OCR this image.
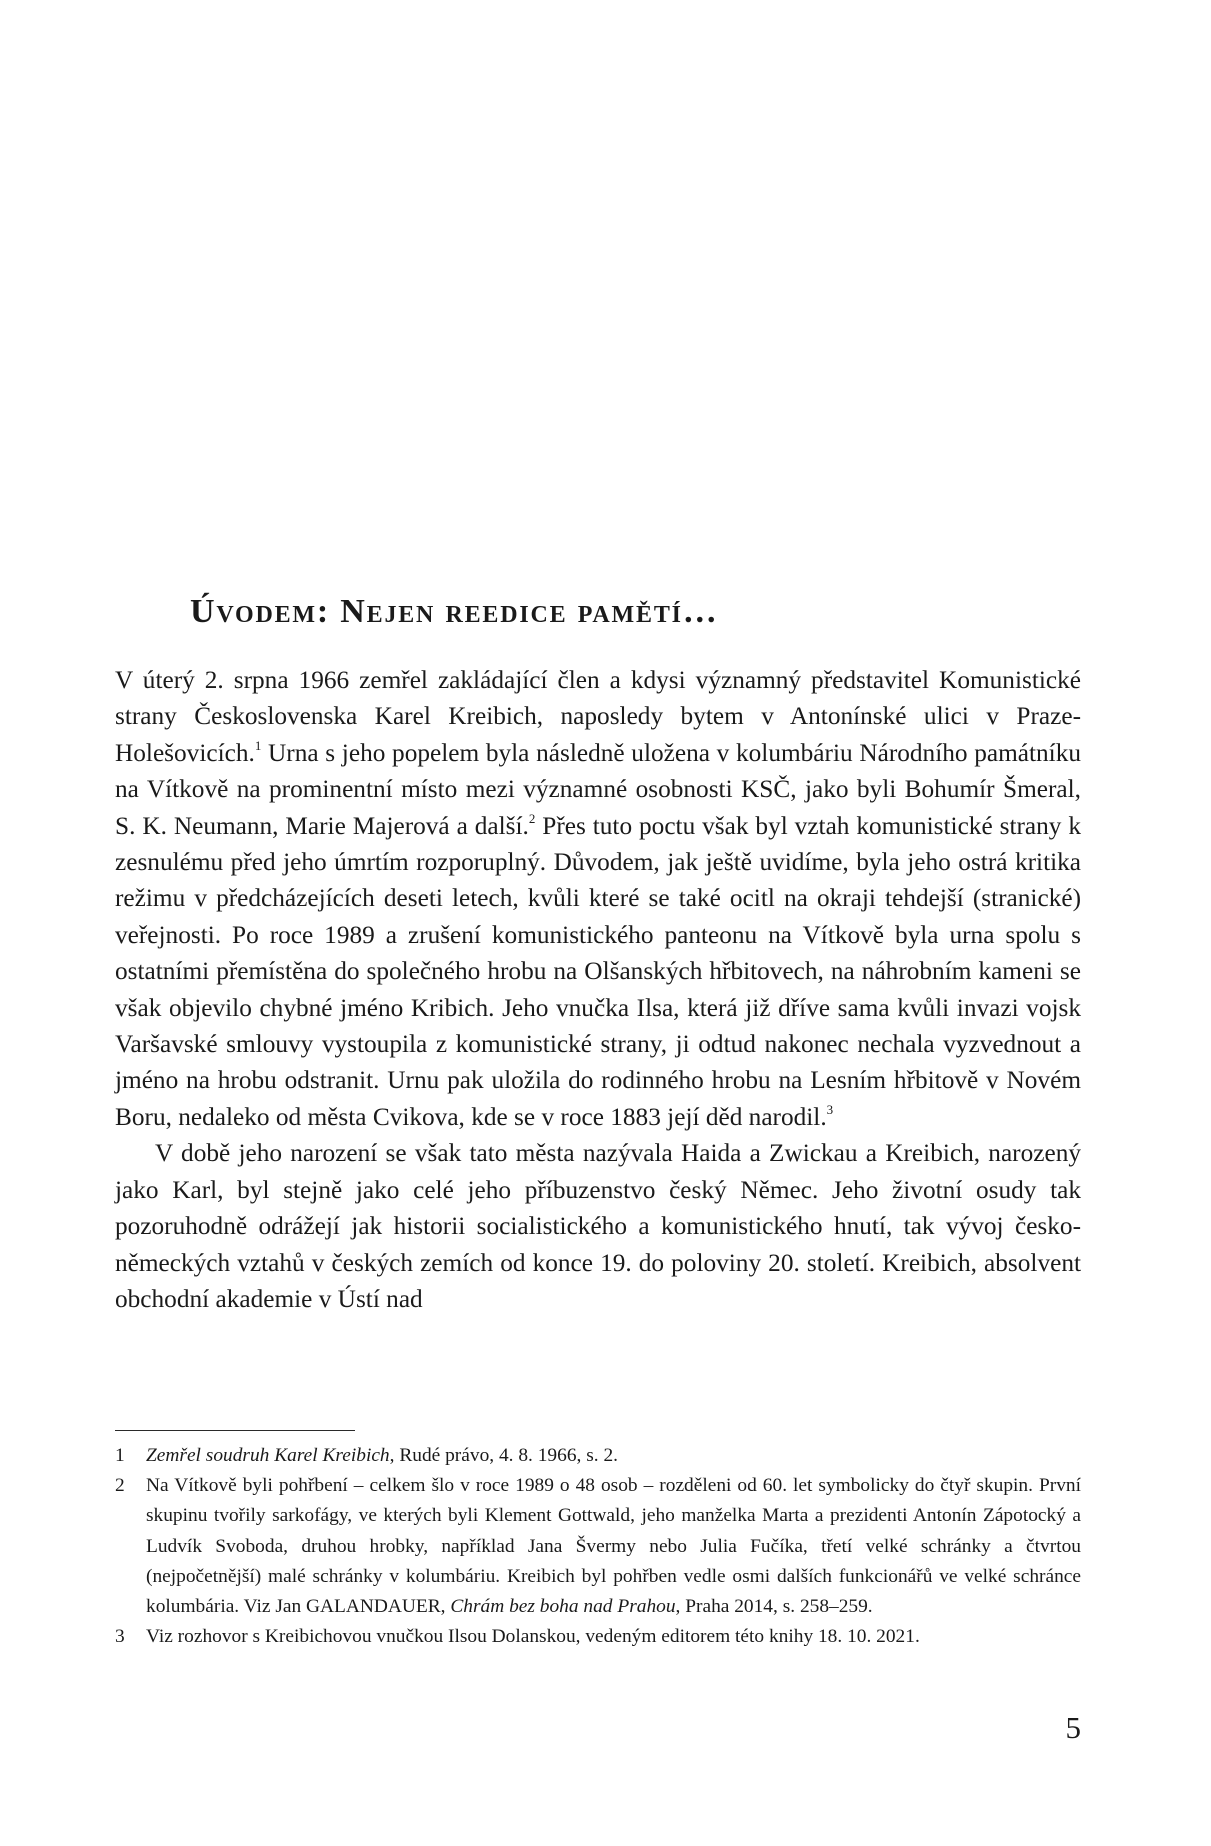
Úvodem: Nejen reedice pamětí…

V úterý 2. srpna 1966 zemřel zakládající člen a kdysi významný představitel Komunistické strany Československa Karel Kreibich, naposledy bytem v Antonínské ulici v Praze-Holešovicích.$^1$ Urna s jeho popelem byla následně uložena v kolumbáriu Národního památníku na Vítkově na prominentní místo mezi významné osobnosti KSČ, jako byli Bohumír Šmeral, S. K. Neumann, Marie Majerová a další.$^2$ Přes tuto poctu však byl vztah komunistické strany k zesnulému před jeho úmrtím rozporuplný. Důvodem, jak ještě uvidíme, byla jeho ostrá kritika režimu v předcházejících deseti letech, kvůli které se také ocitl na okraji tehdejší (stranické) veřejnosti. Po roce 1989 a zrušení komunistického panteonu na Vítkově byla urna spolu s ostatními přemístěna do společného hrobu na Olšanských hřbitovech, na náhrobním kameni se však objevilo chybné jméno Kribich. Jeho vnučka Ilsa, která již dříve sama kvůli invazi vojsk Varšavské smlouvy vystoupila z komunistické strany, ji odtud nakonec nechala vyzvednout a jméno na hrobu odstranit. Urnu pak uložila do rodinného hrobu na Lesním hřbitově v Novém Boru, nedaleko od města Cvikova, kde se v roce 1883 její děd narodil.$^3$

V době jeho narození se však tato města nazývala Haida a Zwickau a Kreibich, narozený jako Karl, byl stejně jako celé jeho příbuzenstvo český Němec. Jeho životní osudy tak pozoruhodně odrážejí jak historii socialistického a komunistického hnutí, tak vývoj česko-německých vztahů v českých zemích od konce 19. do poloviny 20. století. Kreibich, absolvent obchodní akademie v Ústí nad

1	Zemřel soudruh Karel Kreibich, Rudé právo, 4. 8. 1966, s. 2.
2	Na Vítkově byli pohřbení – celkem šlo v roce 1989 o 48 osob – rozděleni od 60. let symbolicky do čtyř skupin. První skupinu tvořily sarkofágy, ve kterých byli Klement Gottwald, jeho manželka Marta a prezidenti Antonín Zápotocký a Ludvík Svoboda, druhou hrobky, například Jana Švermy nebo Julia Fučíka, třetí velké schránky a čtvrtou (nejpočetnější) malé schránky v kolumbáriu. Kreibich byl pohřben vedle osmi dalších funkcionářů ve velké schránce kolumbária. Viz Jan GALANDAUER, Chrám bez boha nad Prahou, Praha 2014, s. 258–259.
3	Viz rozhovor s Kreibichovou vnučkou Ilsou Dolanskou, vedeným editorem této knihy 18. 10. 2021.
5
